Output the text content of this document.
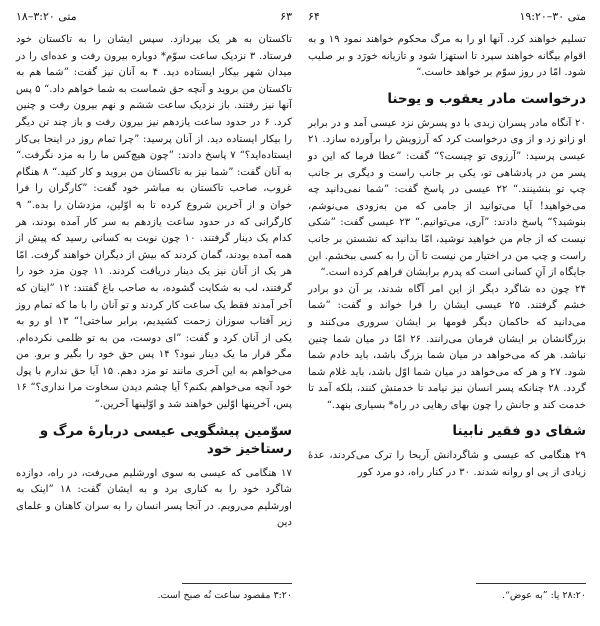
متی ۳:۲۰–۱۸	۶۳

تاکستان به هر یک بپردازد. سپس ایشان را به تاکستان خود فرستاد. ۳ نزدیک ساعت سوّم* دوباره بیرون رفت و عده‌ای را در میدان شهر بیکار ایستاده دید. ۴ به آنان نیز گفت: ”شما هم به تاکستان من بروید و آنچه حق شماست به شما خواهم داد.“ ۵ پس آنها نیز رفتند. باز نزدیک ساعت ششم و نهم بیرون رفت و چنین کرد. ۶ در حدود ساعت یازدهم نیز بیرون رفت و باز چند تن دیگر را بیکار ایستاده دید. از آنان پرسید: ”چرا تمام روز در اینجا بی‌کار ایستاده‌اید؟“ ۷ پاسخ دادند: ”چون هیچ‌کس ما را به مزد نگرفت.“ به آنان گفت: ”شما نیز به تاکستان من بروید و کار کنید.“ ۸ هنگام غروب، صاحب تاکستان به مباشر خود گفت: ”کارگران را فرا خوان و از آخرین شروع کرده تا به اوّلین، مزدشان را بده.“ ۹ کارگرانی که در حدود ساعت یازدهم به سر کار آمده بودند، هر کدام یک دینار گرفتند. ۱۰ چون نوبت به کسانی رسید که پیش از همه آمده بودند، گمان کردند که بیش از دیگران خواهند گرفت. امّا هر یک از آنان نیز یک دینار دریافت کردند. ۱۱ چون مزد خود را گرفتند، لب به شکایت گشوده، به صاحب باغ گفتند: ۱۲ ”اینان که آخر آمدند فقط یک ساعت کار کردند و تو آنان را با ما که تمام روز زیر آفتاب سوزان زحمت کشیدیم، برابر ساختی!“ ۱۳ او رو به یکی از آنان کرد و گفت: ”ای دوست، من به تو ظلمی نکرده‌ام. مگر قرار ما یک دینار نبود؟ ۱۴ پس حق خود را بگیر و برو. من می‌خواهم به این آخری مانند تو مزد دهم. ۱۵ آیا حق ندارم با پول خود آنچه می‌خواهم بکنم؟ آیا چشم دیدن سخاوت مرا نداری؟“ ۱۶ پس، آخرینها اوّلین خواهند شد و اوّلینها آخرین.“

سوّمین پیشگویی عیسی دربارۀ مرگ و رستاخیز خود

۱۷ هنگامی که عیسی به سوی اورشلیم می‌رفت، در راه، دوازده شاگرد خود را به کناری برد و به ایشان گفت: ۱۸ ”اینک به اورشلیم می‌رویم. در آنجا پسر انسان را به سران کاهنان و علمای دین

۳:۲۰ مقصود ساعت نُه صبح است.
۶۴	متی ۳۰–۱۹:۲۰

تسلیم خواهند کرد. آنها او را به مرگ محکوم خواهند نمود ۱۹ و به اقوام بیگانه خواهند سپرد تا استهزا شود و تازیانه خورَد و بر صلیب شود. امّا در روز سوّم بر خواهد خاست.“

درخواست مادر یعقوب و یوحنا

۲۰ آنگاه مادر پسران زبدی با دو پسرش نزد عیسی آمد و در برابر او زانو زد و از وی درخواست کرد که آرزویش را برآورده سازد. ۲۱ عیسی پرسید: ”آرزوی تو چیست؟“ گفت: ”عطا فرما که این دو پسر من در پادشاهی تو، یکی بر جانب راست و دیگری بر جانب چپ تو بنشینند.“ ۲۲ عیسی در پاسخ گفت: ”شما نمی‌دانید چه می‌خواهید! آیا می‌توانید از جامی که من به‌زودی می‌نوشم، بنوشید؟“ پاسخ دادند: ”آری، می‌توانیم.“ ۲۳ عیسی گفت: ”شکی نیست که از جام من خواهید نوشید، امّا بدانید که نشستن بر جانب راست و چپ من در اختیار من نیست تا آن را به کسی ببخشم. این جایگاه از آنِ کسانی است که پدرم برایشان فراهم کرده است.“

۲۴ چون ده شاگرد دیگر از این امر آگاه شدند، بر آن دو برادر خشم گرفتند. ۲۵ عیسی ایشان را فرا خواند و گفت: ”شما می‌دانید که حاکمان دیگر قومها بر ایشان سروری می‌کنند و بزرگانشان بر ایشان فرمان می‌رانند. ۲۶ امّا در میان شما چنین نباشد. هر که می‌خواهد در میان شما بزرگ باشد، باید خادم شما شود. ۲۷ و هر که می‌خواهد در میان شما اوّل باشد، باید غلام شما گردد. ۲۸ چنانکه پسر انسان نیز نیامد تا خدمتش کنند، بلکه آمد تا خدمت کند و جانش را چون بهای رهایی در راه* بسیاری بنهد.“

شفای دو فقیر نابینا

۲۹ هنگامی که عیسی و شاگردانش آریحا را ترک می‌کردند، عدۀ زیادی از پی او روانه شدند. ۳۰ در کنار راه، دو مرد کور

۲۸:۲۰ یا: ”به عوض“.
